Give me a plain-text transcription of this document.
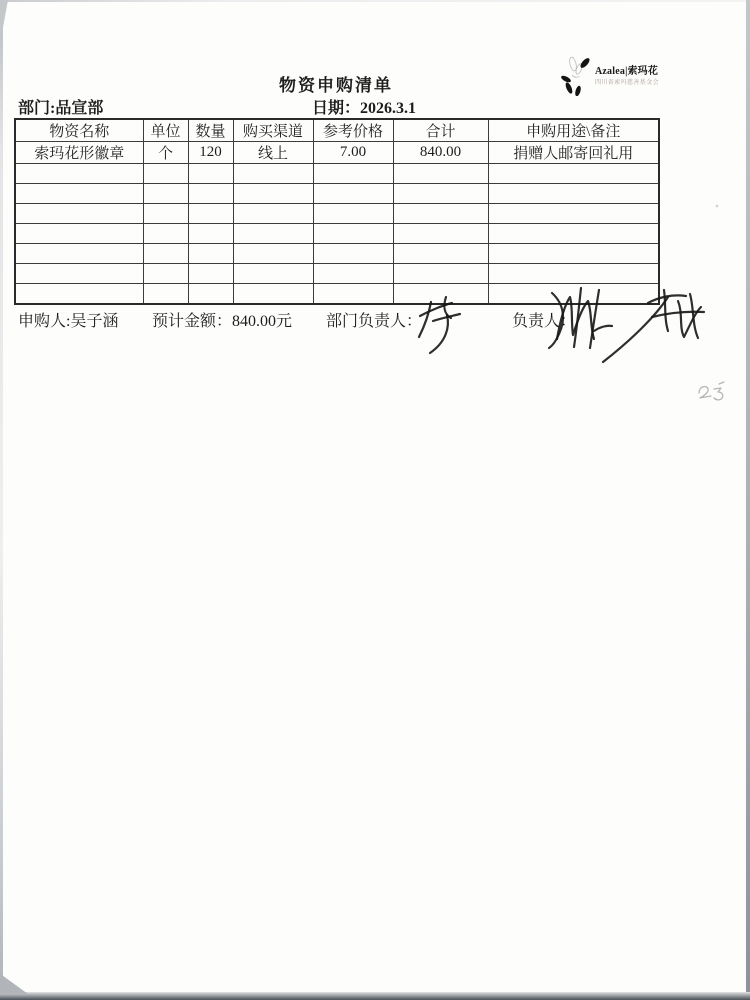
Azalea|索玛花
四川省索玛慈善基金会
物资申购清单
部门:品宣部	日期：2026.3.1
物资名称	单位	数量	购买渠道	参考价格	合计	申购用途\备注
索玛花形徽章	个	120	线上	7.00	840.00	捐赠人邮寄回礼用

申购人:吴子涵 预计金额：840.00元 部门负责人：	负责人：
